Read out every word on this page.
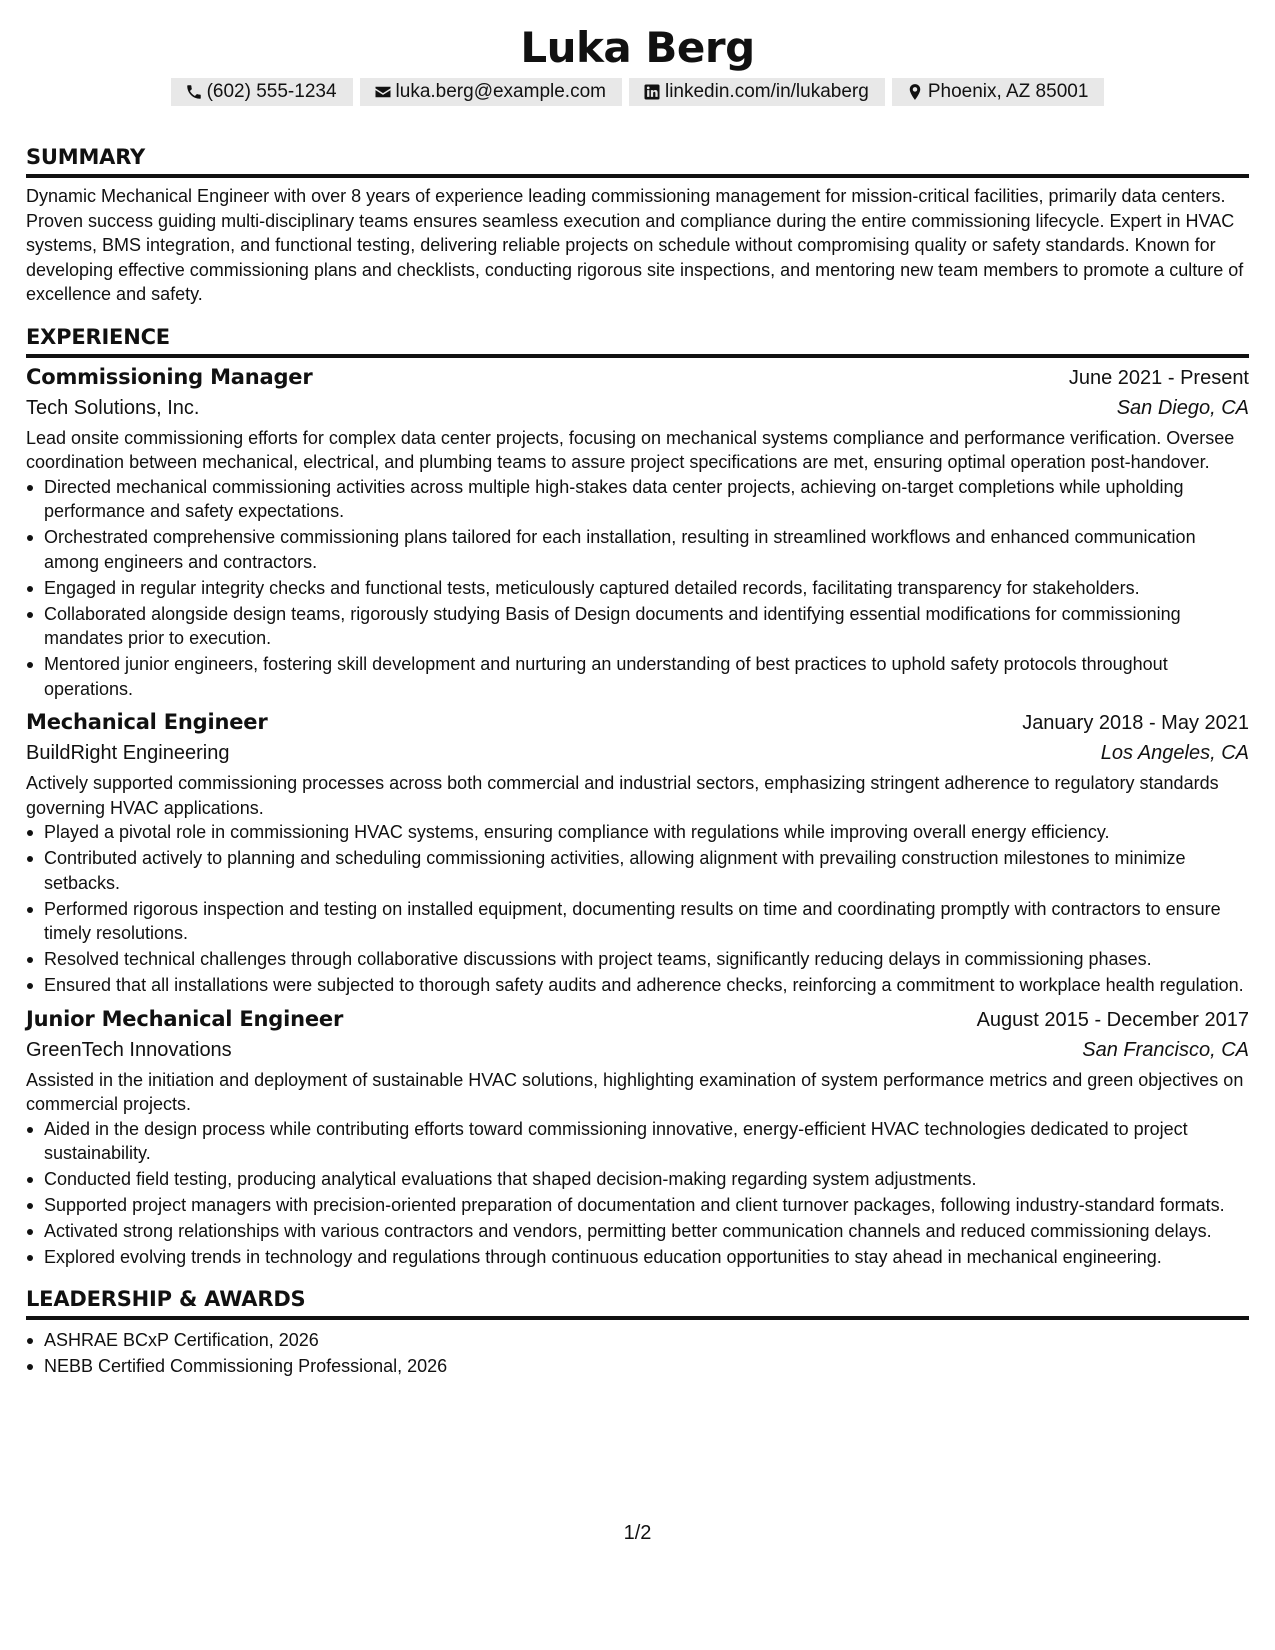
Luka Berg
(602) 555-1234	luka.berg@example.com	linkedin.com/in/lukaberg	Phoenix, AZ 85001
SUMMARY

Dynamic Mechanical Engineer with over 8 years of experience leading commissioning management for mission-critical facilities, primarily data centers. Proven success guiding multi-disciplinary teams ensures seamless execution and compliance during the entire commissioning lifecycle. Expert in HVAC systems, BMS integration, and functional testing, delivering reliable projects on schedule without compromising quality or safety standards. Known for developing effective commissioning plans and checklists, conducting rigorous site inspections, and mentoring new team members to promote a culture of excellence and safety.

EXPERIENCE
Commissioning Manager	June 2021 - Present
Tech Solutions, Inc.	San Diego, CA

Lead onsite commissioning efforts for complex data center projects, focusing on mechanical systems compliance and performance verification. Oversee coordination between mechanical, electrical, and plumbing teams to assure project specifications are met, ensuring optimal operation post-handover.

Directed mechanical commissioning activities across multiple high-stakes data center projects, achieving on-target completions while upholding performance and safety expectations.
Orchestrated comprehensive commissioning plans tailored for each installation, resulting in streamlined workflows and enhanced communication among engineers and contractors.
Engaged in regular integrity checks and functional tests, meticulously captured detailed records, facilitating transparency for stakeholders.
Collaborated alongside design teams, rigorously studying Basis of Design documents and identifying essential modifications for commissioning mandates prior to execution.
Mentored junior engineers, fostering skill development and nurturing an understanding of best practices to uphold safety protocols throughout operations.
Mechanical Engineer	January 2018 - May 2021
BuildRight Engineering	Los Angeles, CA

Actively supported commissioning processes across both commercial and industrial sectors, emphasizing stringent adherence to regulatory standards governing HVAC applications.

Played a pivotal role in commissioning HVAC systems, ensuring compliance with regulations while improving overall energy efficiency.
Contributed actively to planning and scheduling commissioning activities, allowing alignment with prevailing construction milestones to minimize setbacks.
Performed rigorous inspection and testing on installed equipment, documenting results on time and coordinating promptly with contractors to ensure timely resolutions.
Resolved technical challenges through collaborative discussions with project teams, significantly reducing delays in commissioning phases.
Ensured that all installations were subjected to thorough safety audits and adherence checks, reinforcing a commitment to workplace health regulation.
Junior Mechanical Engineer	August 2015 - December 2017
GreenTech Innovations	San Francisco, CA

Assisted in the initiation and deployment of sustainable HVAC solutions, highlighting examination of system performance metrics and green objectives on commercial projects.

Aided in the design process while contributing efforts toward commissioning innovative, energy-efficient HVAC technologies dedicated to project sustainability.
Conducted field testing, producing analytical evaluations that shaped decision-making regarding system adjustments.
Supported project managers with precision-oriented preparation of documentation and client turnover packages, following industry-standard formats.
Activated strong relationships with various contractors and vendors, permitting better communication channels and reduced commissioning delays.
Explored evolving trends in technology and regulations through continuous education opportunities to stay ahead in mechanical engineering.
LEADERSHIP & AWARDS
ASHRAE BCxP Certification, 2026
NEBB Certified Commissioning Professional, 2026
1/2
